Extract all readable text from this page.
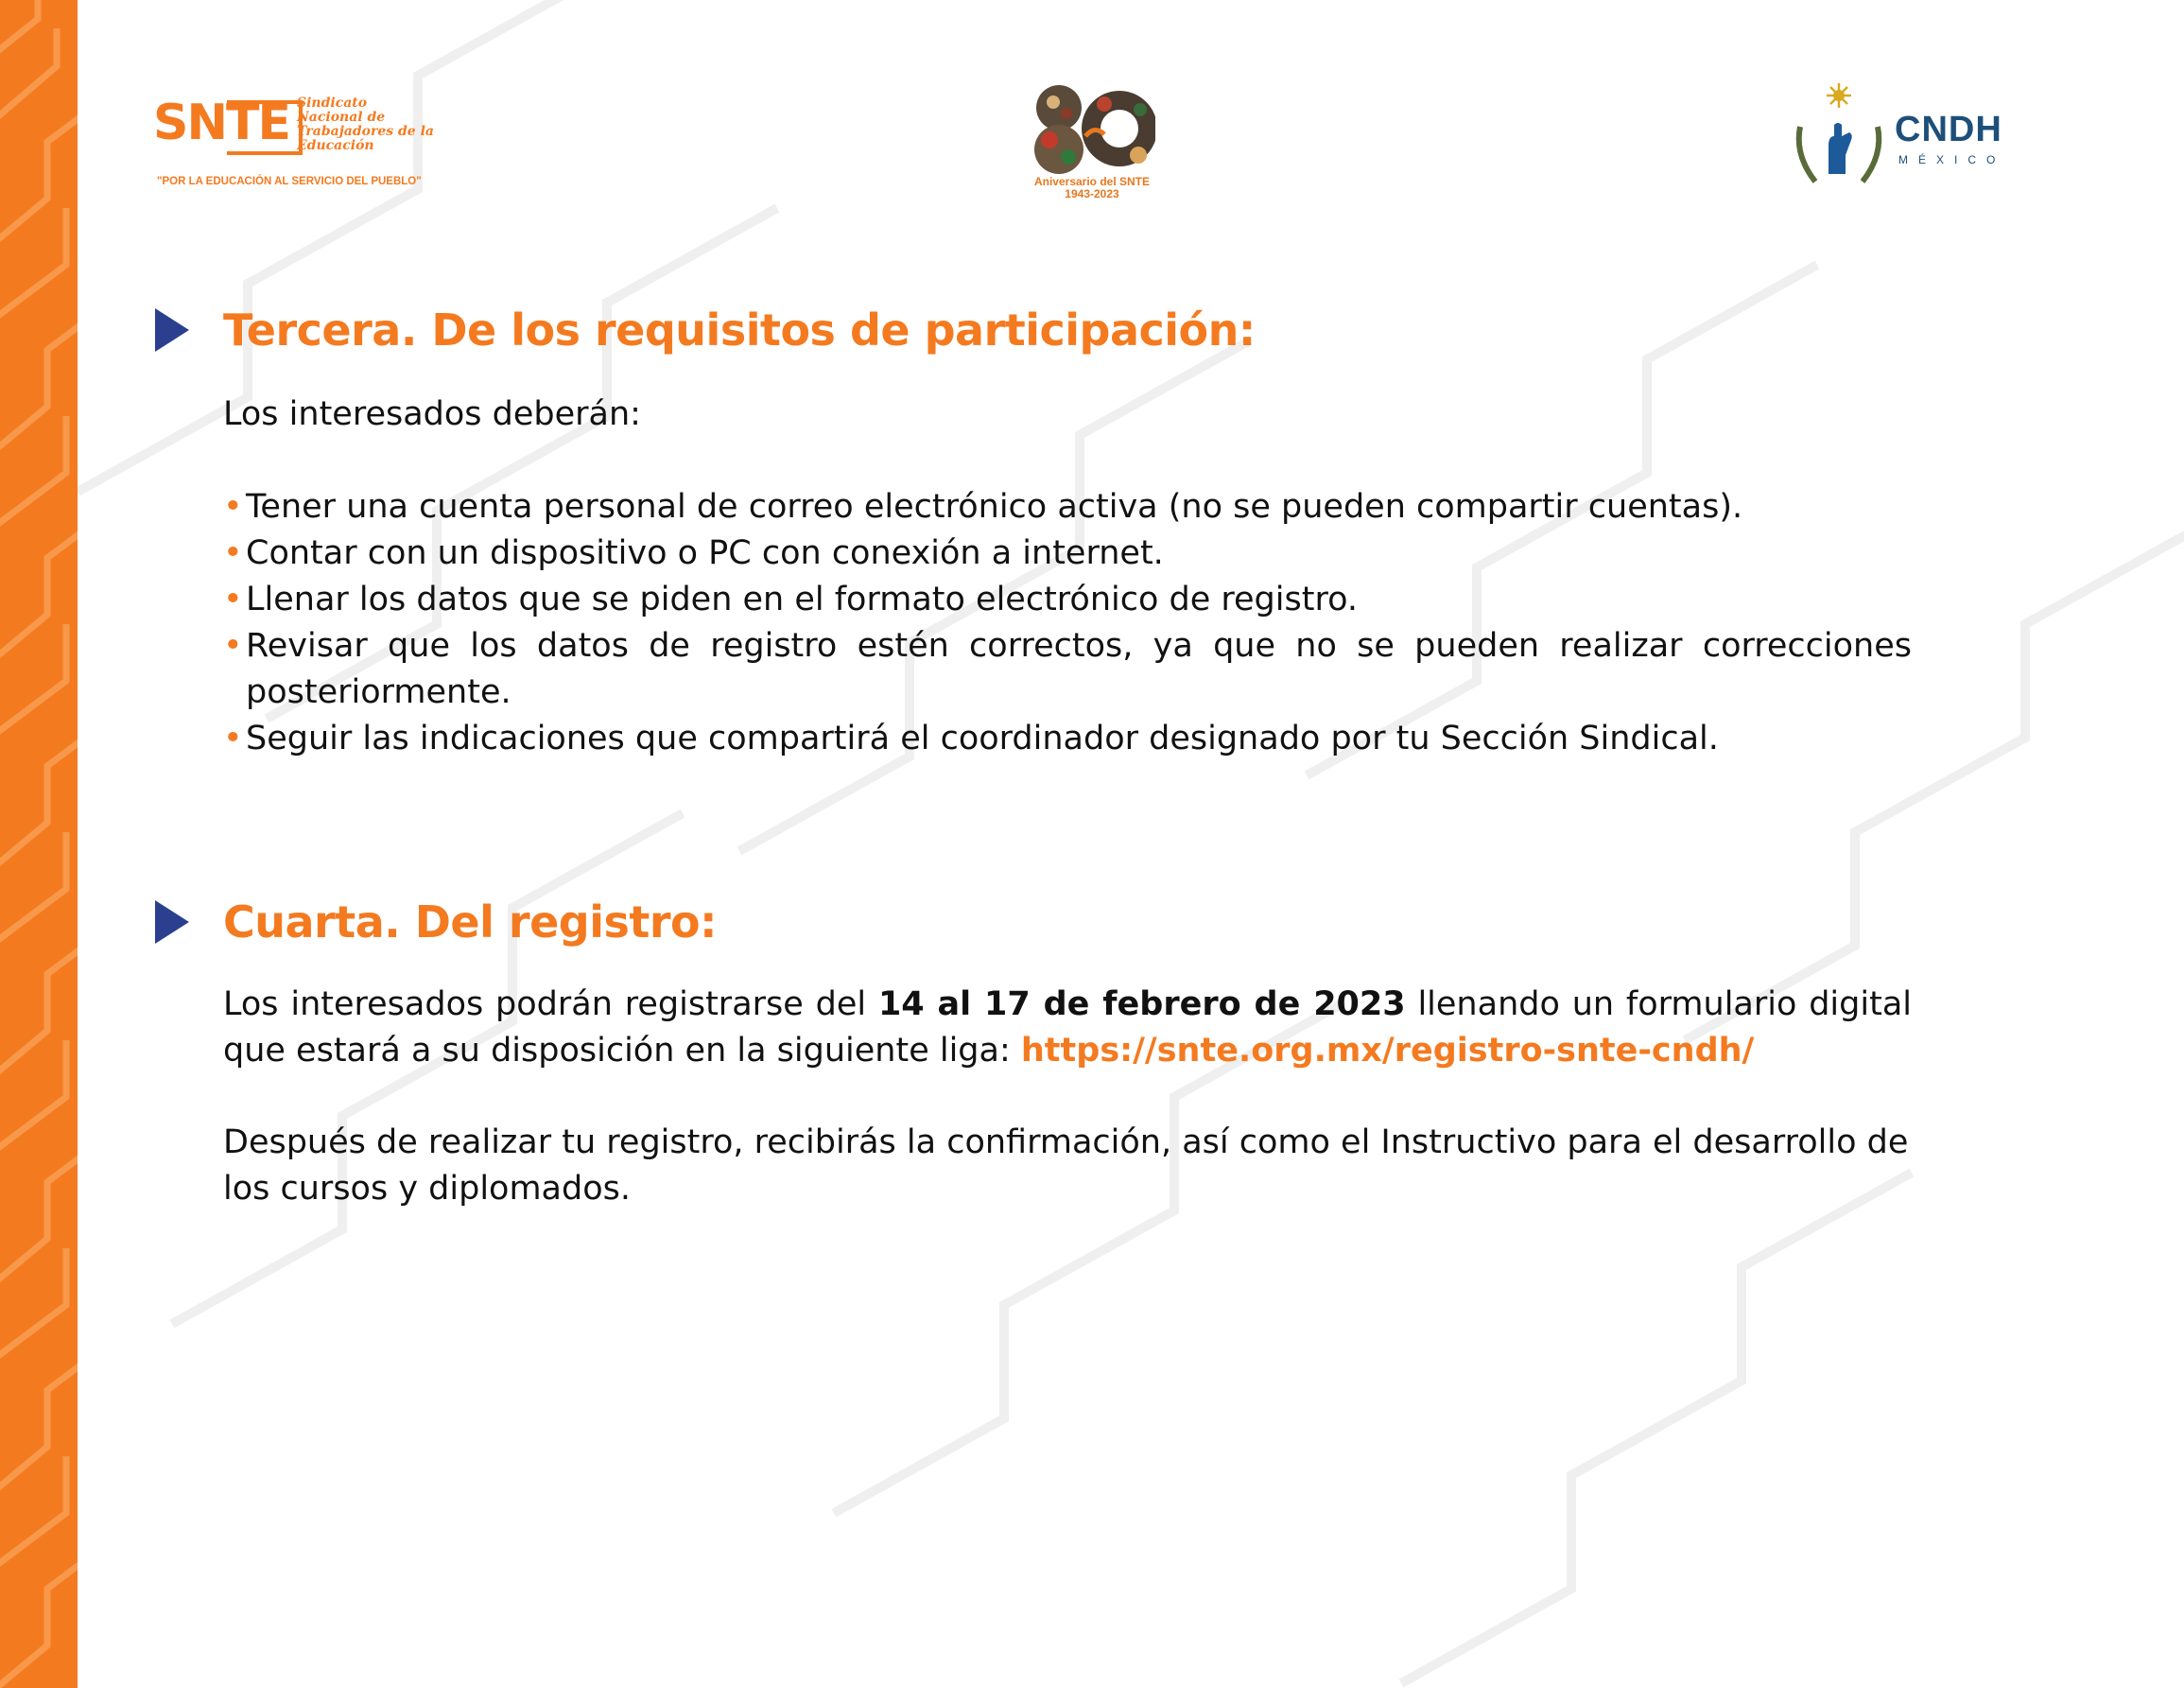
SNTE Sindicato
Nacional de
Trabajadores de la
Educación
"POR LA EDUCACIÓN AL SERVICIO DEL PUEBLO"	Aniversario del SNTE
1943-2023
CNDH
MÉXICO
Tercera. De los requisitos de participación:
Los interesados deberán:
• Tener una cuenta personal de correo electrónico activa (no se pueden compartir cuentas).
• Contar con un dispositivo o PC con conexión a internet.
• Llenar los datos que se piden en el formato electrónico de registro.
• Revisar que los datos de registro estén correctos, ya que no se pueden realizar correcciones posteriormente.
• Seguir las indicaciones que compartirá el coordinador designado por tu Sección Sindical.
Cuarta. Del registro:

Los interesados podrán registrarse del 14 al 17 de febrero de 2023 llenando un formulario digital que estará a su disposición en la siguiente liga: https://snte.org.mx/registro-snte-cndh/

Después de realizar tu registro, recibirás la confirmación, así como el Instructivo para el desarrollo de los cursos y diplomados.
